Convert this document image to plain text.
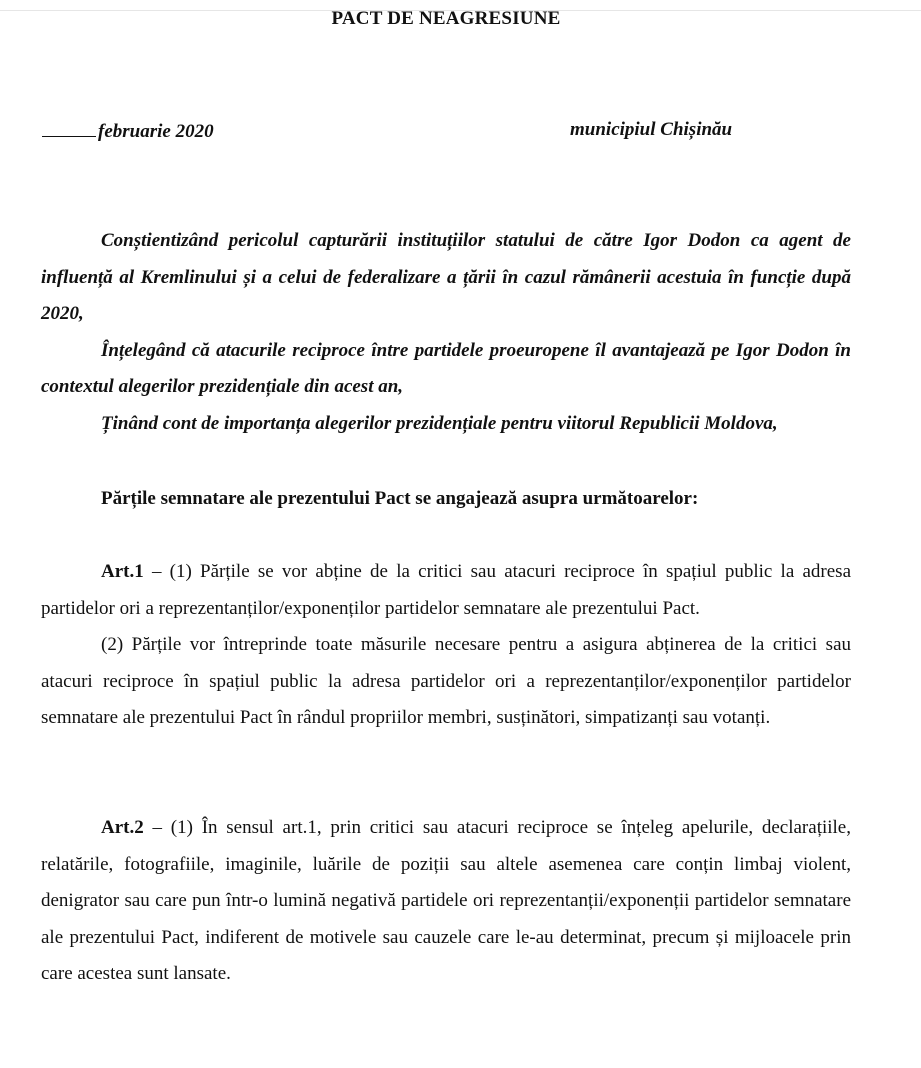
PACT DE NEAGRESIUNE
februarie 2020	municipiul Chișinău

Conștientizând pericolul capturării instituțiilor statului de către Igor Dodon ca agent de influență al Kremlinului și a celui de federalizare a țării în cazul rămânerii acestuia în funcție după 2020,

Înțelegând că atacurile reciproce între partidele proeuropene îl avantajează pe Igor Dodon în contextul alegerilor prezidențiale din acest an,

Ținând cont de importanța alegerilor prezidențiale pentru viitorul Republicii Moldova,

Părțile semnatare ale prezentului Pact se angajează asupra următoarelor:

Art.1 – (1) Părțile se vor abține de la critici sau atacuri reciproce în spațiul public la adresa partidelor ori a reprezentanților/exponenților partidelor semnatare ale prezentului Pact.

(2) Părțile vor întreprinde toate măsurile necesare pentru a asigura abținerea de la critici sau atacuri reciproce în spațiul public la adresa partidelor ori a reprezentanților/exponenților partidelor semnatare ale prezentului Pact în rândul propriilor membri, susținători, simpatizanți sau votanți.

Art.2 – (1) În sensul art.1, prin critici sau atacuri reciproce se înțeleg apelurile, declarațiile, relatările, fotografiile, imaginile, luările de poziții sau altele asemenea care conțin limbaj violent, denigrator sau care pun într-o lumină negativă partidele ori reprezentanții/exponenții partidelor semnatare ale prezentului Pact, indiferent de motivele sau cauzele care le-au determinat, precum și mijloacele prin care acestea sunt lansate.
